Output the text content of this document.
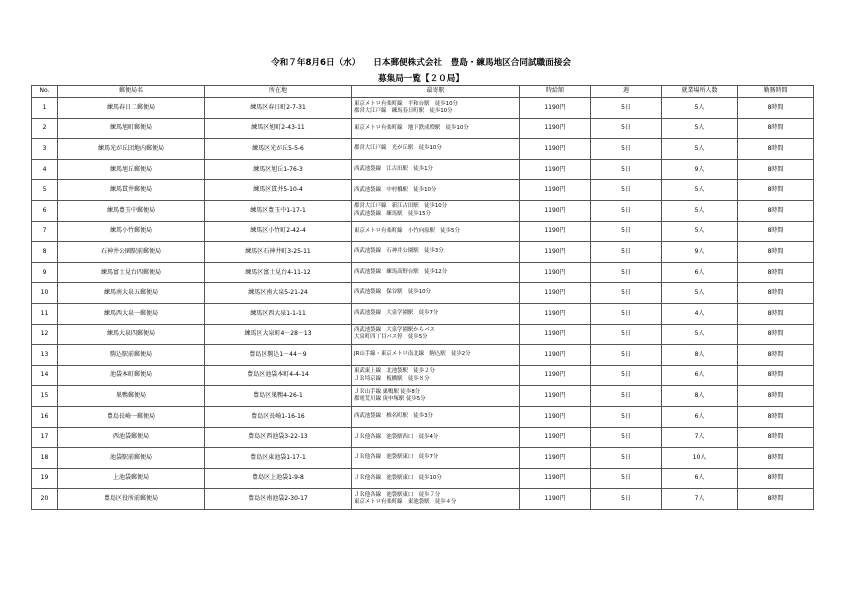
令和７年8月6日（水）　　日本郵便株式会社　豊島・練馬地区合同試職面接会
募集局一覧【２０局】
No.	郵便局名	所在地	最寄駅	時給額	週	就業場所人数	勤務時間
1	練馬春日二郵便局	練馬区春日町2-7-31	東京メトロ有楽町線　平和台駅　徒歩10分
都営大江戸線　練馬春日町駅　徒歩10分	1190円	5日	5人	8時間
2	練馬旭町郵便局	練馬区旭町2-43-11	東京メトロ有楽町線　地下鉄成増駅　徒歩10分	1190円	5日	5人	8時間
3	練馬光が丘団地内郵便局	練馬区光が丘5-5-6	都営大江戸線　光が丘駅　徒歩10分	1190円	5日	5人	8時間
4	練馬旭丘郵便局	練馬区旭丘1-76-3	西武池袋線　江古田駅　徒歩1分	1190円	5日	9人	8時間
5	練馬貫井郵便局	練馬区貫井5-10-4	西武池袋線　中村橋駅　徒歩10分	1190円	5日	5人	8時間
6	練馬豊玉中郵便局	練馬区豊玉中1-17-1	都営大江戸線　新江古田駅　徒歩10分
西武池袋線　練馬駅　徒歩15分	1190円	5日	5人	8時間
7	練馬小竹郵便局	練馬区小竹町2-42-4	東京メトロ有楽町線　小竹向原駅　徒歩5分	1190円	5日	5人	8時間
8	石神井公園駅前郵便局	練馬区石神井町3-25-11	西武池袋線　石神井公園駅　徒歩3分	1190円	5日	9人	8時間
9	練馬富士見台四郵便局	練馬区富士見台4-11-12	西武池袋線　練馬高野台駅　徒歩12分	1190円	5日	6人	8時間
10	練馬南大泉五郵便局	練馬区南大泉5-21-24	西武池袋線　保谷駅　徒歩10分	1190円	5日	5人	8時間
11	練馬西大泉一郵便局	練馬区西大泉1-1-11	西武池袋線　大泉学園駅　徒歩7分	1190円	5日	4人	8時間
12	練馬大泉四郵便局	練馬区大泉町4－28－13	西武池袋線　大泉学園駅からバス
大泉町四丁目バス停　徒歩5分	1190円	5日	5人	8時間
13	駒込駅前郵便局	豊島区駒込1－44－9	JR山手線・東京メトロ南北線　駒込駅　徒歩2分	1190円	5日	8人	8時間
14	池袋本町郵便局	豊島区池袋本町4-4-14	東武東上線　北池袋駅　徒歩２分
ＪＲ埼京線　板橋駅　徒歩８分	1190円	5日	6人	8時間
15	巣鴨郵便局	豊島区巣鴨4-26-1	ＪＲ山手線 巣鴨駅 徒歩8分
都電荒川線 庚申塚駅 徒歩5分	1190円	5日	8人	8時間
16	豊島長崎一郵便局	豊島区長崎1-16-16	西武池袋線　椎名町駅　徒歩3分	1190円	5日	6人	8時間
17	西池袋郵便局	豊島区西池袋3-22-13	ＪＲ他各線　池袋駅西口　徒歩4分	1190円	5日	7人	8時間
18	池袋駅前郵便局	豊島区東池袋1-17-1	ＪＲ他各線　池袋駅東口　徒歩7分	1190円	5日	10人	8時間
19	上池袋郵便局	豊島区上池袋1-9-8	ＪＲ他各線　池袋駅東口　徒歩10分	1190円	5日	6人	8時間
20	豊島区役所前郵便局	豊島区南池袋2-30-17	ＪＲ他各線　池袋駅東口　徒歩７分
東京メトロ有楽町線　東池袋駅　徒歩４分	1190円	5日	7人	8時間
